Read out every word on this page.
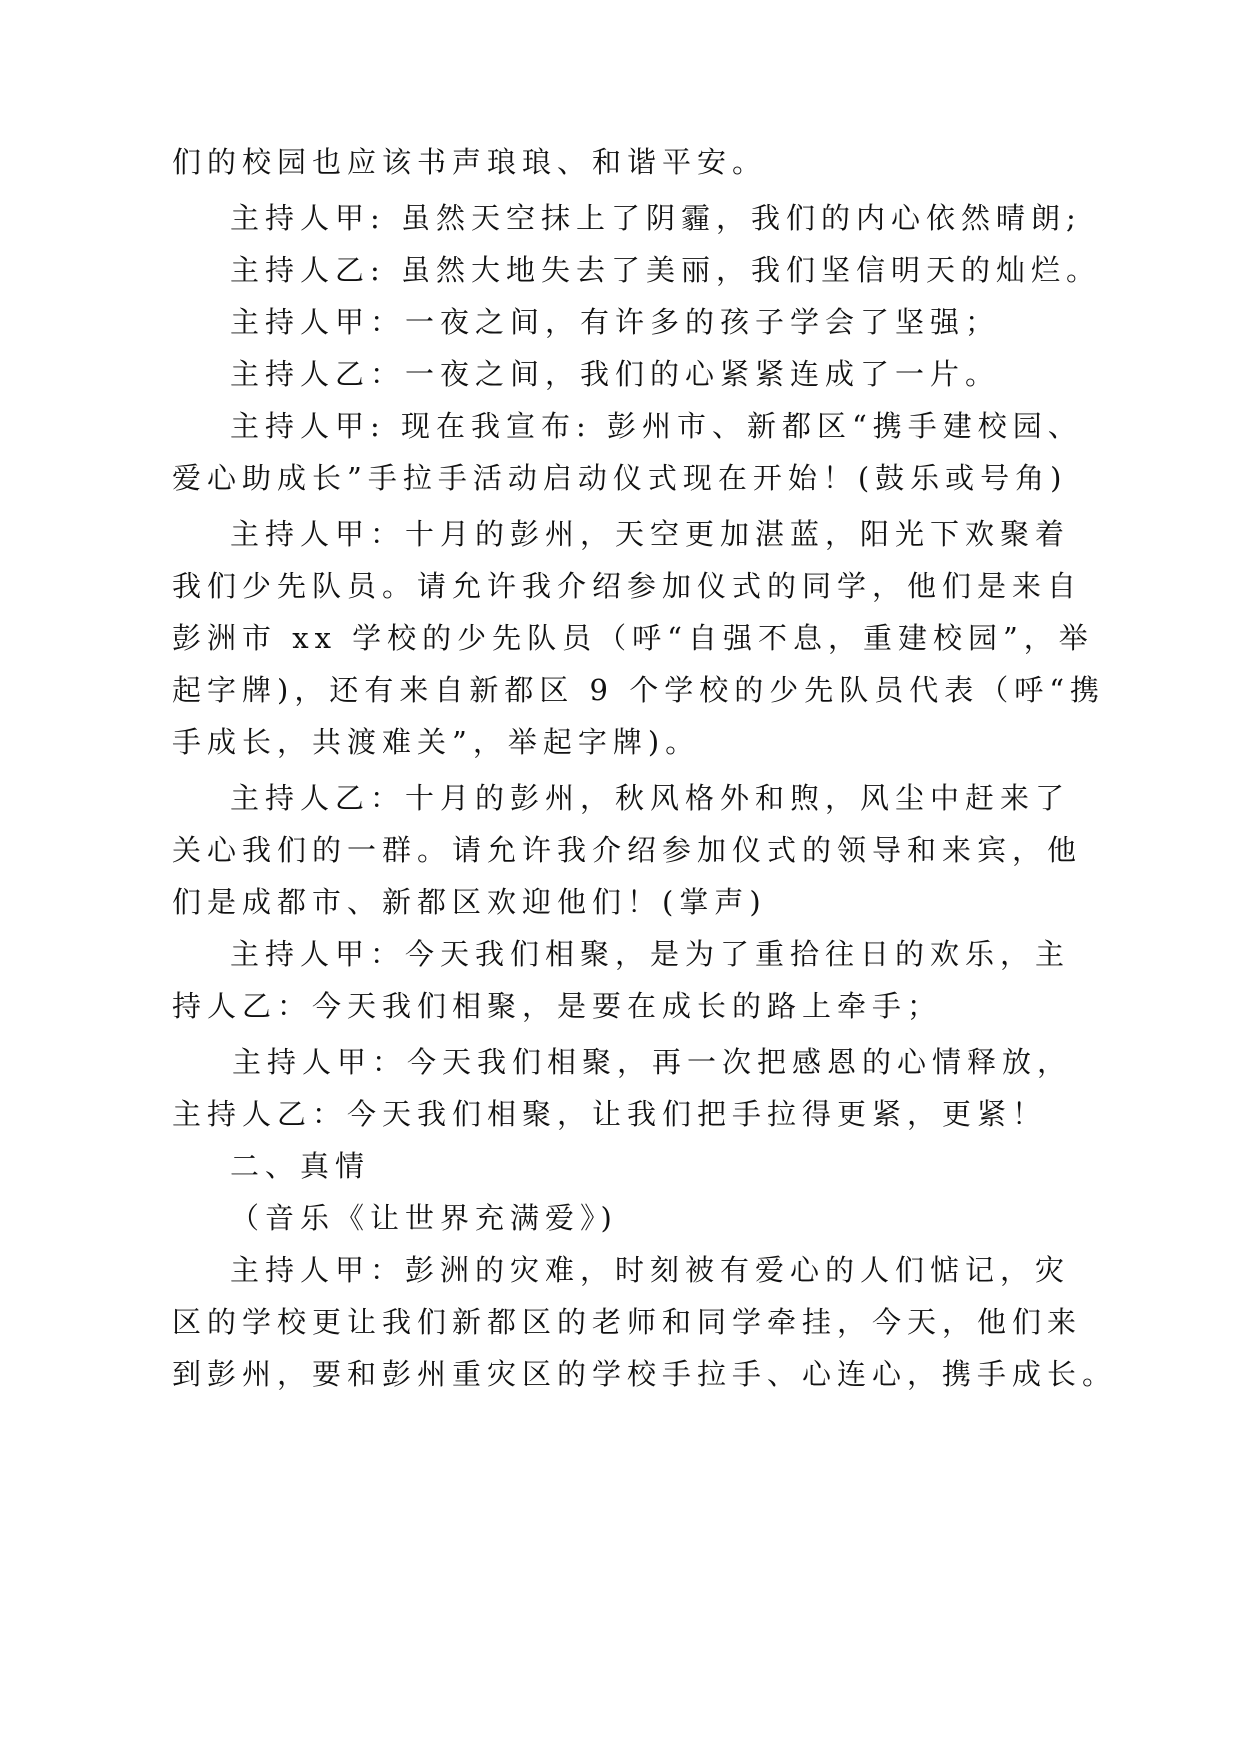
们的校园也应该书声琅琅、和谐平安。
主持人甲: 虽然天空抹上了阴霾，我们的内心依然晴朗;
主持人乙: 虽然大地失去了美丽，我们坚信明天的灿烂。
主持人甲：一夜之间，有许多的孩子学会了坚强；
主持人乙：一夜之间，我们的心紧紧连成了一片。
主持人甲: 现在我宣布: 彭州市、新都区“携手建校园、
爱心助成长”手拉手活动启动仪式现在开始！(鼓乐或号角)
主持人甲：十月的彭州，天空更加湛蓝，阳光下欢聚着
我们少先队员。请允许我介绍参加仪式的同学，他们是来自
彭洲市 xx 学校的少先队员（呼“自强不息，重建校园”，举
起字牌)，还有来自新都区 9 个学校的少先队员代表（呼“携
手成长，共渡难关”，举起字牌)。
主持人乙：十月的彭州，秋风格外和煦，风尘中赶来了
关心我们的一群。请允许我介绍参加仪式的领导和来宾，他
们是成都市、新都区欢迎他们！(掌声)
主持人甲：今天我们相聚，是为了重拾往日的欢乐，主
持人乙：今天我们相聚，是要在成长的路上牵手；
主持人甲：今天我们相聚，再一次把感恩的心情释放，
主持人乙：今天我们相聚，让我们把手拉得更紧，更紧！
二、真情
（音乐《让世界充满爱》)
主持人甲：彭洲的灾难，时刻被有爱心的人们惦记，灾
区的学校更让我们新都区的老师和同学牵挂，今天，他们来
到彭州，要和彭州重灾区的学校手拉手、心连心，携手成长。
